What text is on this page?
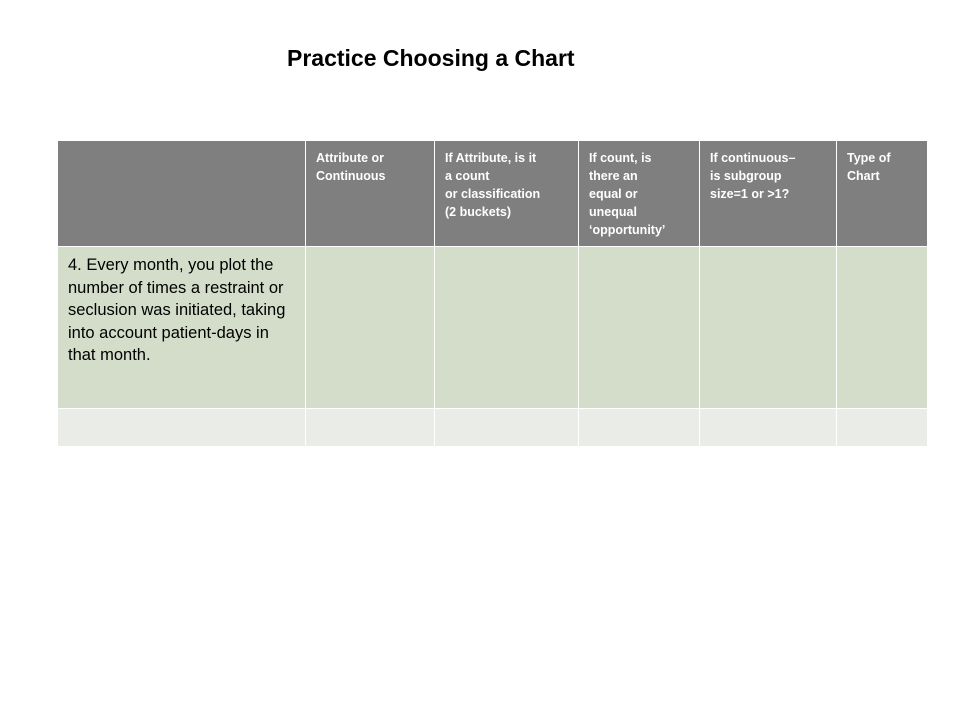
Practice Choosing a Chart

	Attribute or
Continuous	If Attribute, is it
a count
or classification
(2 buckets)	If count, is
there an
equal or
unequal
‘opportunity’	If continuous–
is subgroup
size=1 or >1?	Type of
Chart

4. Every month, you plot the number of times a restraint or seclusion was initiated, taking into account patient-days in that month.					
